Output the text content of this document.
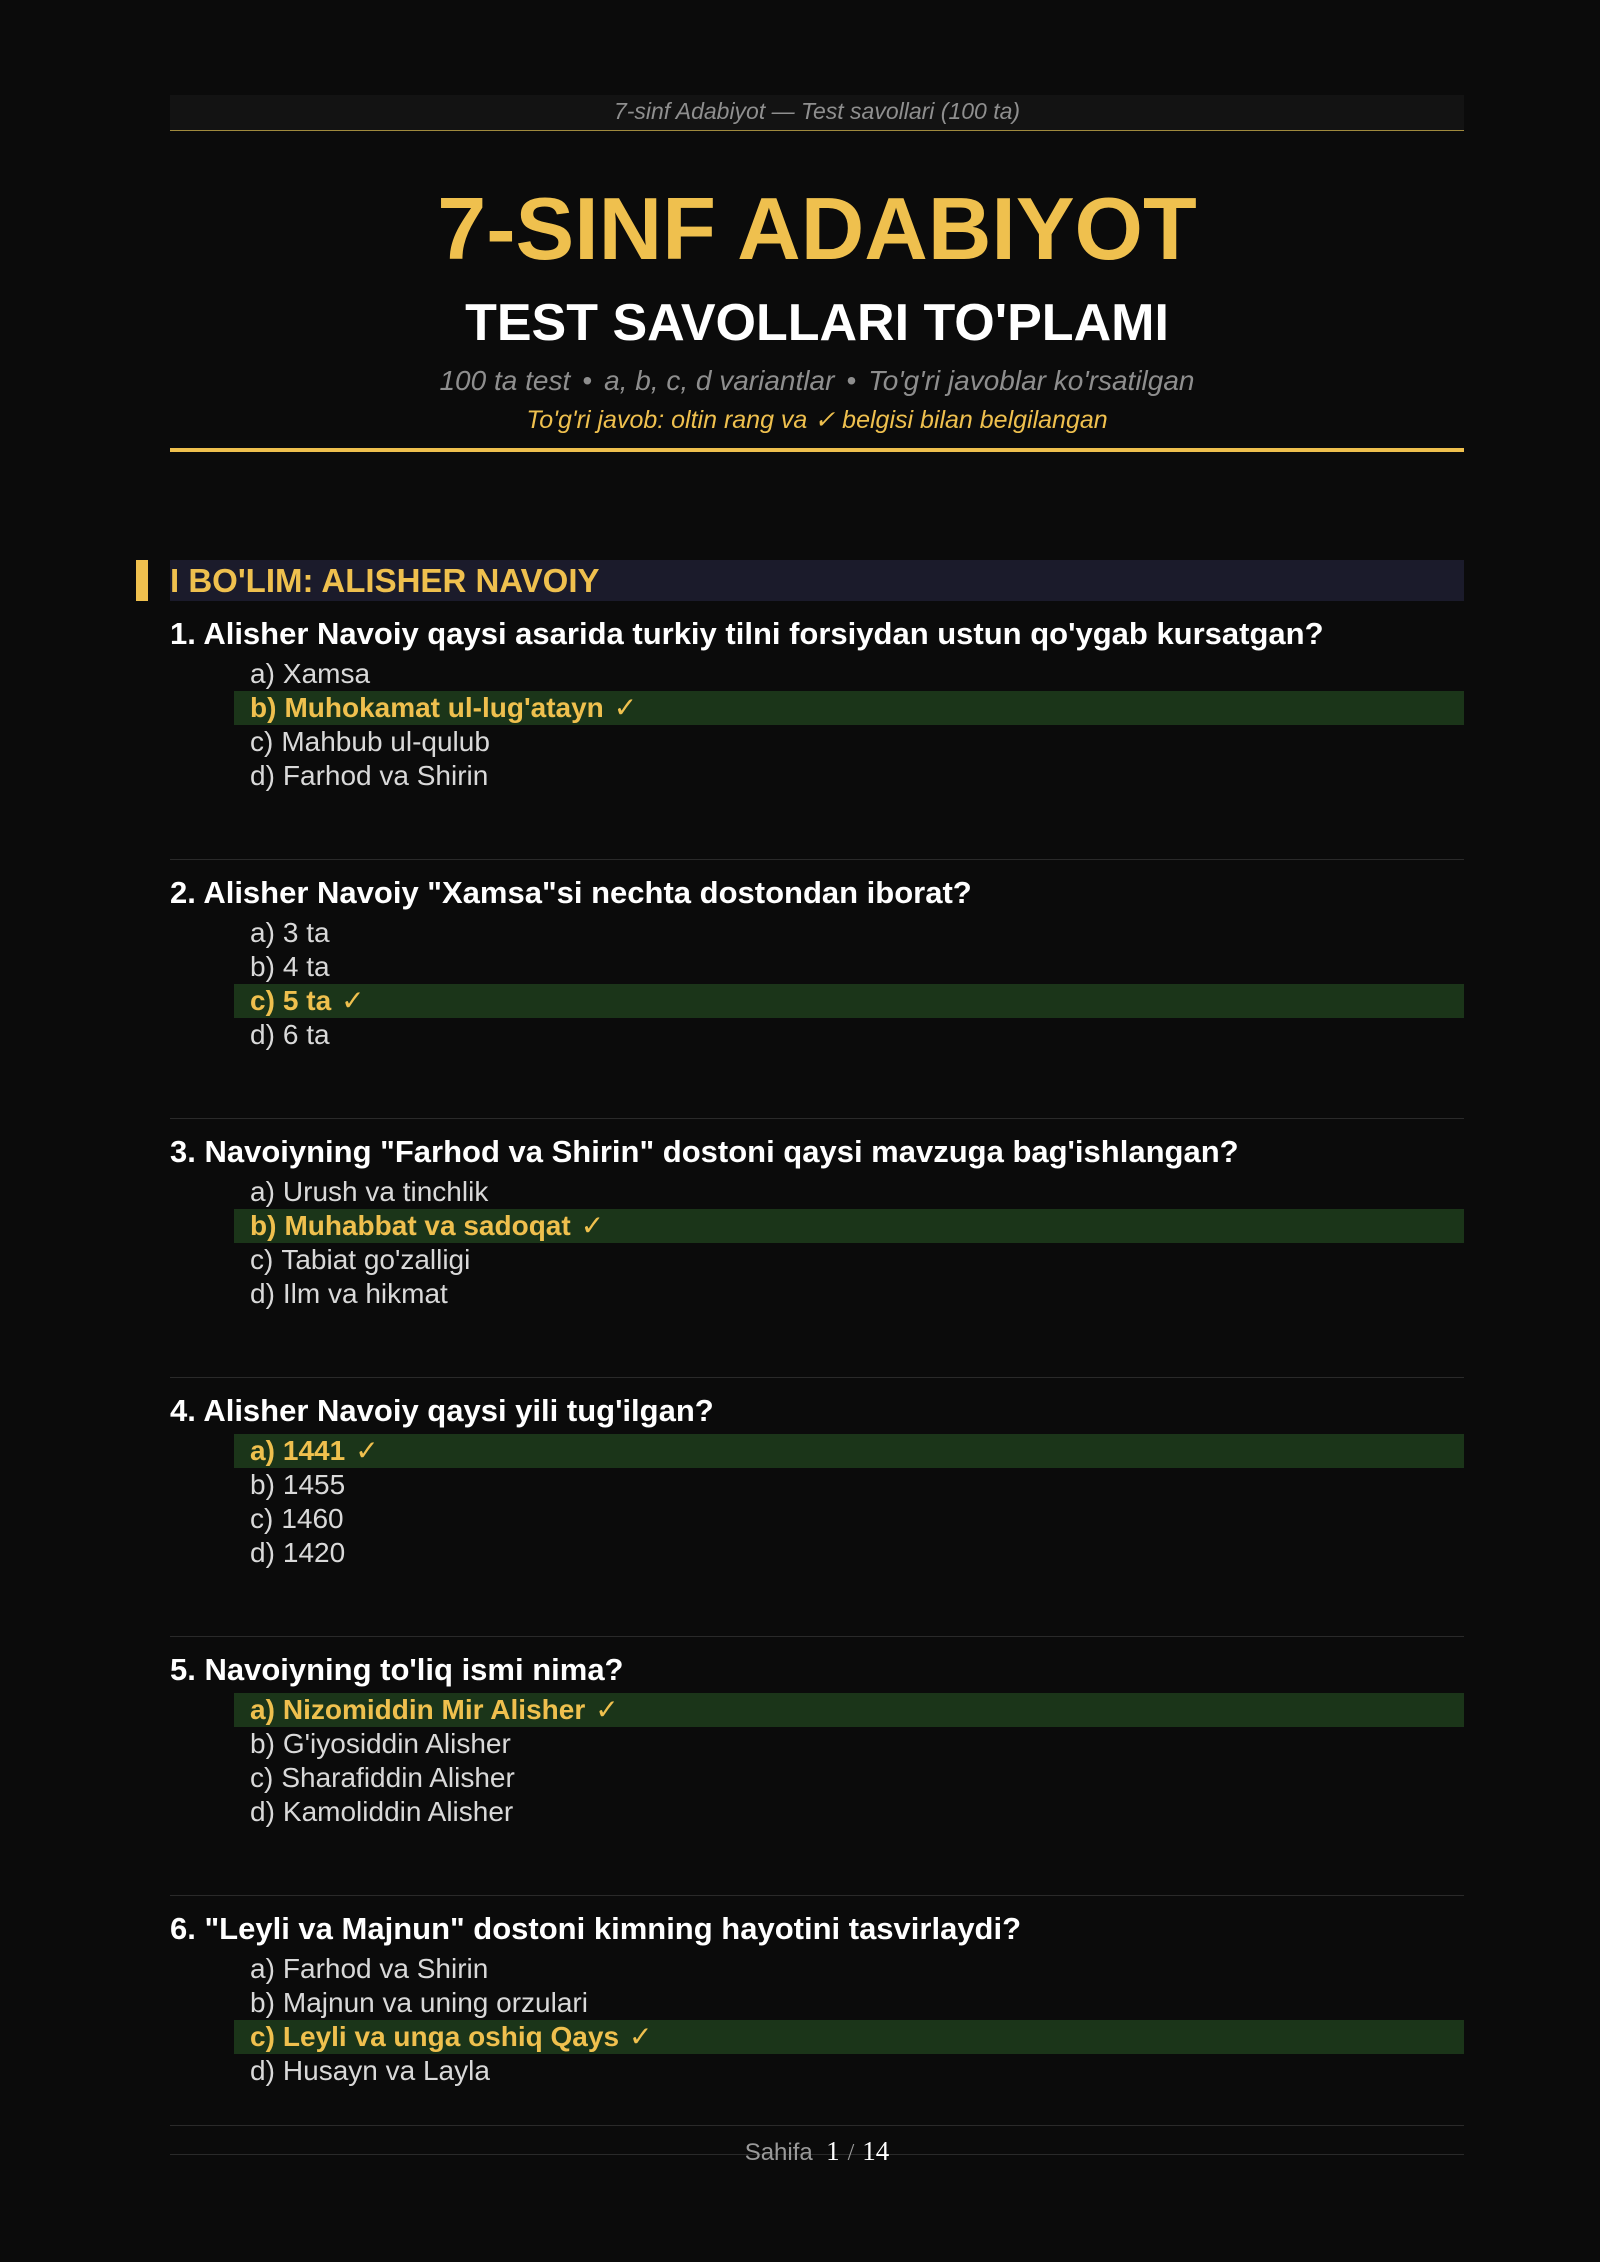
7-sinf Adabiyot — Test savollari (100 ta)
7-SINF ADABIYOT
TEST SAVOLLARI TO'PLAMI
100 ta test • a, b, c, d variantlar • To'g'ri javoblar ko'rsatilgan
To'g'ri javob: oltin rang va ✓ belgisi bilan belgilangan
I BO'LIM: ALISHER NAVOIY
1. Alisher Navoiy qaysi asarida turkiy tilni forsiydan ustun qo'ygab kursatgan?
a) Xamsa
b) Muhokamat ul-lug'atayn ✓
c) Mahbub ul-qulub
d) Farhod va Shirin
2. Alisher Navoiy "Xamsa"si nechta dostondan iborat?
a) 3 ta
b) 4 ta
c) 5 ta ✓
d) 6 ta
3. Navoiyning "Farhod va Shirin" dostoni qaysi mavzuga bag'ishlangan?
a) Urush va tinchlik
b) Muhabbat va sadoqat ✓
c) Tabiat go'zalligi
d) Ilm va hikmat
4. Alisher Navoiy qaysi yili tug'ilgan?
a) 1441 ✓
b) 1455
c) 1460
d) 1420
5. Navoiyning to'liq ismi nima?
a) Nizomiddin Mir Alisher ✓
b) G'iyosiddin Alisher
c) Sharafiddin Alisher
d) Kamoliddin Alisher
6. "Leyli va Majnun" dostoni kimning hayotini tasvirlaydi?
a) Farhod va Shirin
b) Majnun va uning orzulari
c) Leyli va unga oshiq Qays ✓
d) Husayn va Layla
Sahifa 1 / 14
